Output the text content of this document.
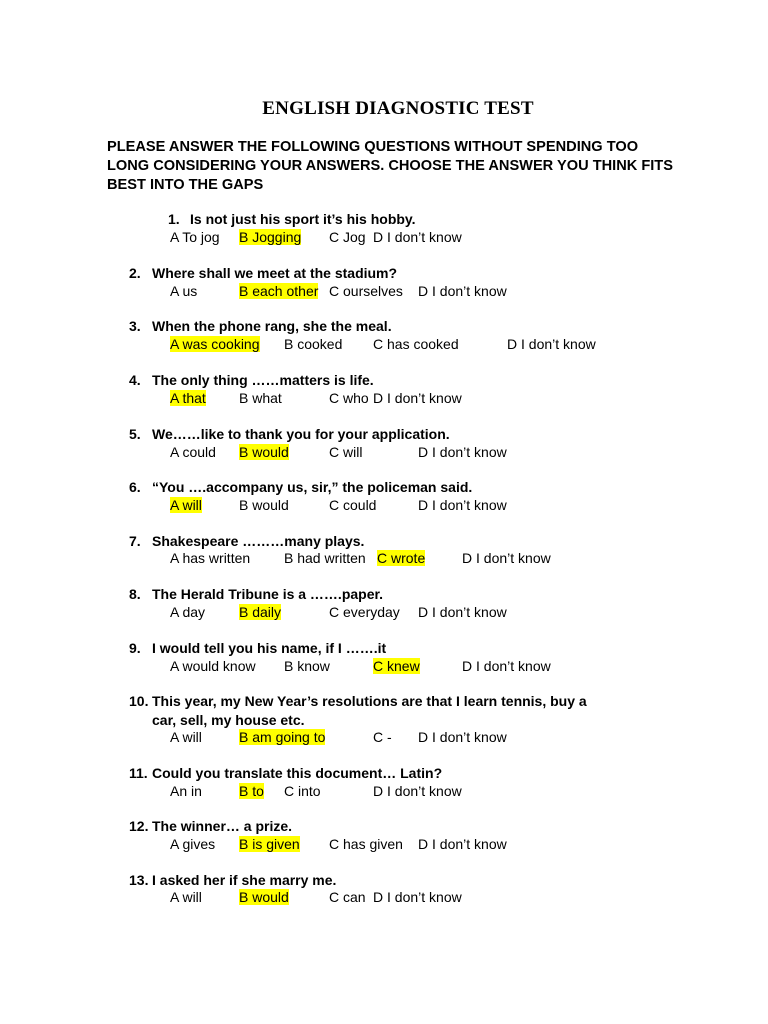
ENGLISH DIAGNOSTIC TEST
PLEASE ANSWER THE FOLLOWING QUESTIONS WITHOUT SPENDING TOO LONG CONSIDERING YOUR ANSWERS. CHOOSE THE ANSWER YOU THINK FITS BEST INTO THE GAPS
1. Is not just his sport it’s his hobby.
A To jog B Jogging C Jog D I don’t know
2. Where shall we meet at the stadium?
A us	B each other C ourselves D I don’t know
3. When the phone rang, she the meal.
A was cooking B cooked C has cooked	D I don’t know
4. The only thing ……matters is life.
A that B what	C who D I don’t know
5. We……like to thank you for your application.
A could B would	C will	D I don’t know
6. “You ….accompany us, sir,” the policeman said.
A will	B would	C could	D I don’t know
7. Shakespeare ………many plays.
A has written B had written C wrote	D I don’t know
8. The Herald Tribune is a …….paper.
A day B daily	C everyday D I don’t know
9. I would tell you his name, if I …….it
A would know B know	C knew	D I don’t know
10. This year, my New Year’s resolutions are that I learn tennis, buy a
car, sell, my house etc.
A will	B am going to	C - D I don’t know
11. Could you translate this document… Latin?
An in	B to C into	D I don’t know
12. The winner… a prize.
A gives B is given C has given D I don’t know
13. I asked her if she marry me.
A will	B would	C can D I don’t know
